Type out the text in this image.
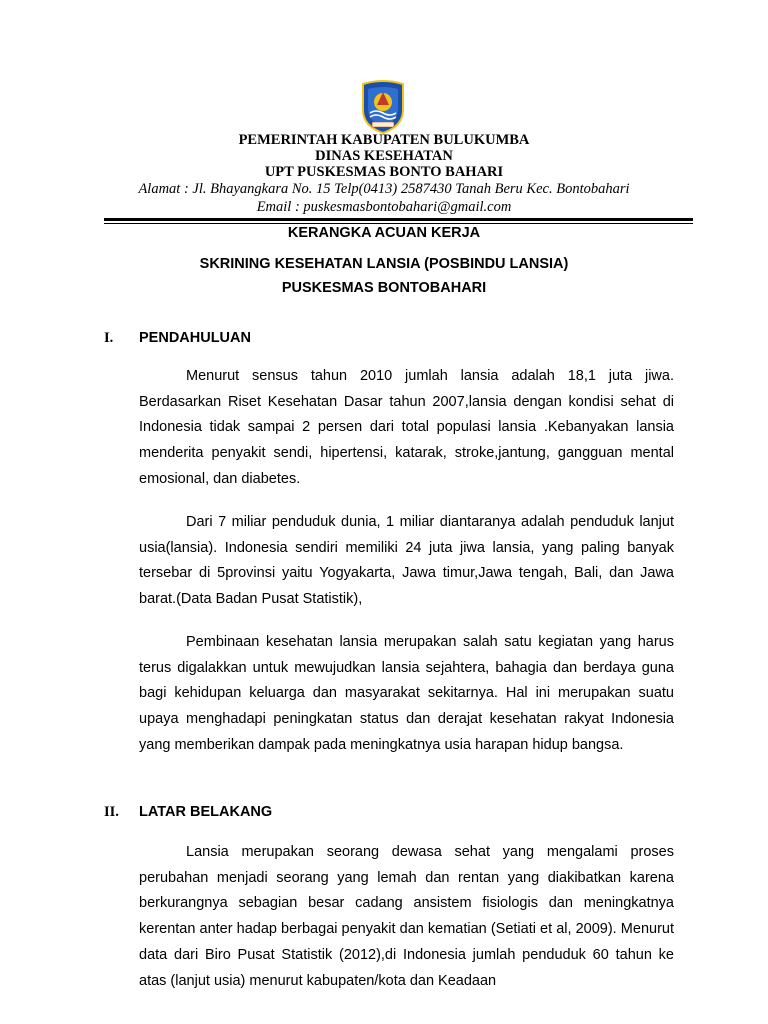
PEMERINTAH KABUPATEN BULUKUMBA
DINAS KESEHATAN
UPT PUSKESMAS BONTO BAHARI
Alamat : Jl. Bhayangkara No. 15 Telp(0413) 2587430 Tanah Beru Kec. Bontobahari
Email : puskesmasbontobahari@gmail.com
KERANGKA ACUAN KERJA
SKRINING KESEHATAN LANSIA (POSBINDU LANSIA)
PUSKESMAS BONTOBAHARI
I. PENDAHULUAN

Menurut sensus tahun 2010 jumlah lansia adalah 18,1 juta jiwa. Berdasarkan Riset Kesehatan Dasar tahun 2007,lansia dengan kondisi sehat di Indonesia tidak sampai 2 persen dari total populasi lansia .Kebanyakan lansia menderita penyakit sendi, hipertensi, katarak, stroke,jantung, gangguan mental emosional, dan diabetes.

Dari 7 miliar penduduk dunia, 1 miliar diantaranya adalah penduduk lanjut usia(lansia). Indonesia sendiri memiliki 24 juta jiwa lansia, yang paling banyak tersebar di 5provinsi yaitu Yogyakarta, Jawa timur,Jawa tengah, Bali, dan Jawa barat.(Data Badan Pusat Statistik),

Pembinaan kesehatan lansia merupakan salah satu kegiatan yang harus terus digalakkan untuk mewujudkan lansia sejahtera, bahagia dan berdaya guna bagi kehidupan keluarga dan masyarakat sekitarnya. Hal ini merupakan suatu upaya menghadapi peningkatan status dan derajat kesehatan rakyat Indonesia yang memberikan dampak pada meningkatnya usia harapan hidup bangsa.

II. LATAR BELAKANG

Lansia merupakan seorang dewasa sehat yang mengalami proses perubahan menjadi seorang yang lemah dan rentan yang diakibatkan karena berkurangnya sebagian besar cadang ansistem fisiologis dan meningkatnya kerentan anter hadap berbagai penyakit dan kematian (Setiati et al, 2009). Menurut data dari Biro Pusat Statistik (2012),di Indonesia jumlah penduduk 60 tahun ke atas (lanjut usia) menurut kabupaten/kota dan Keadaan
